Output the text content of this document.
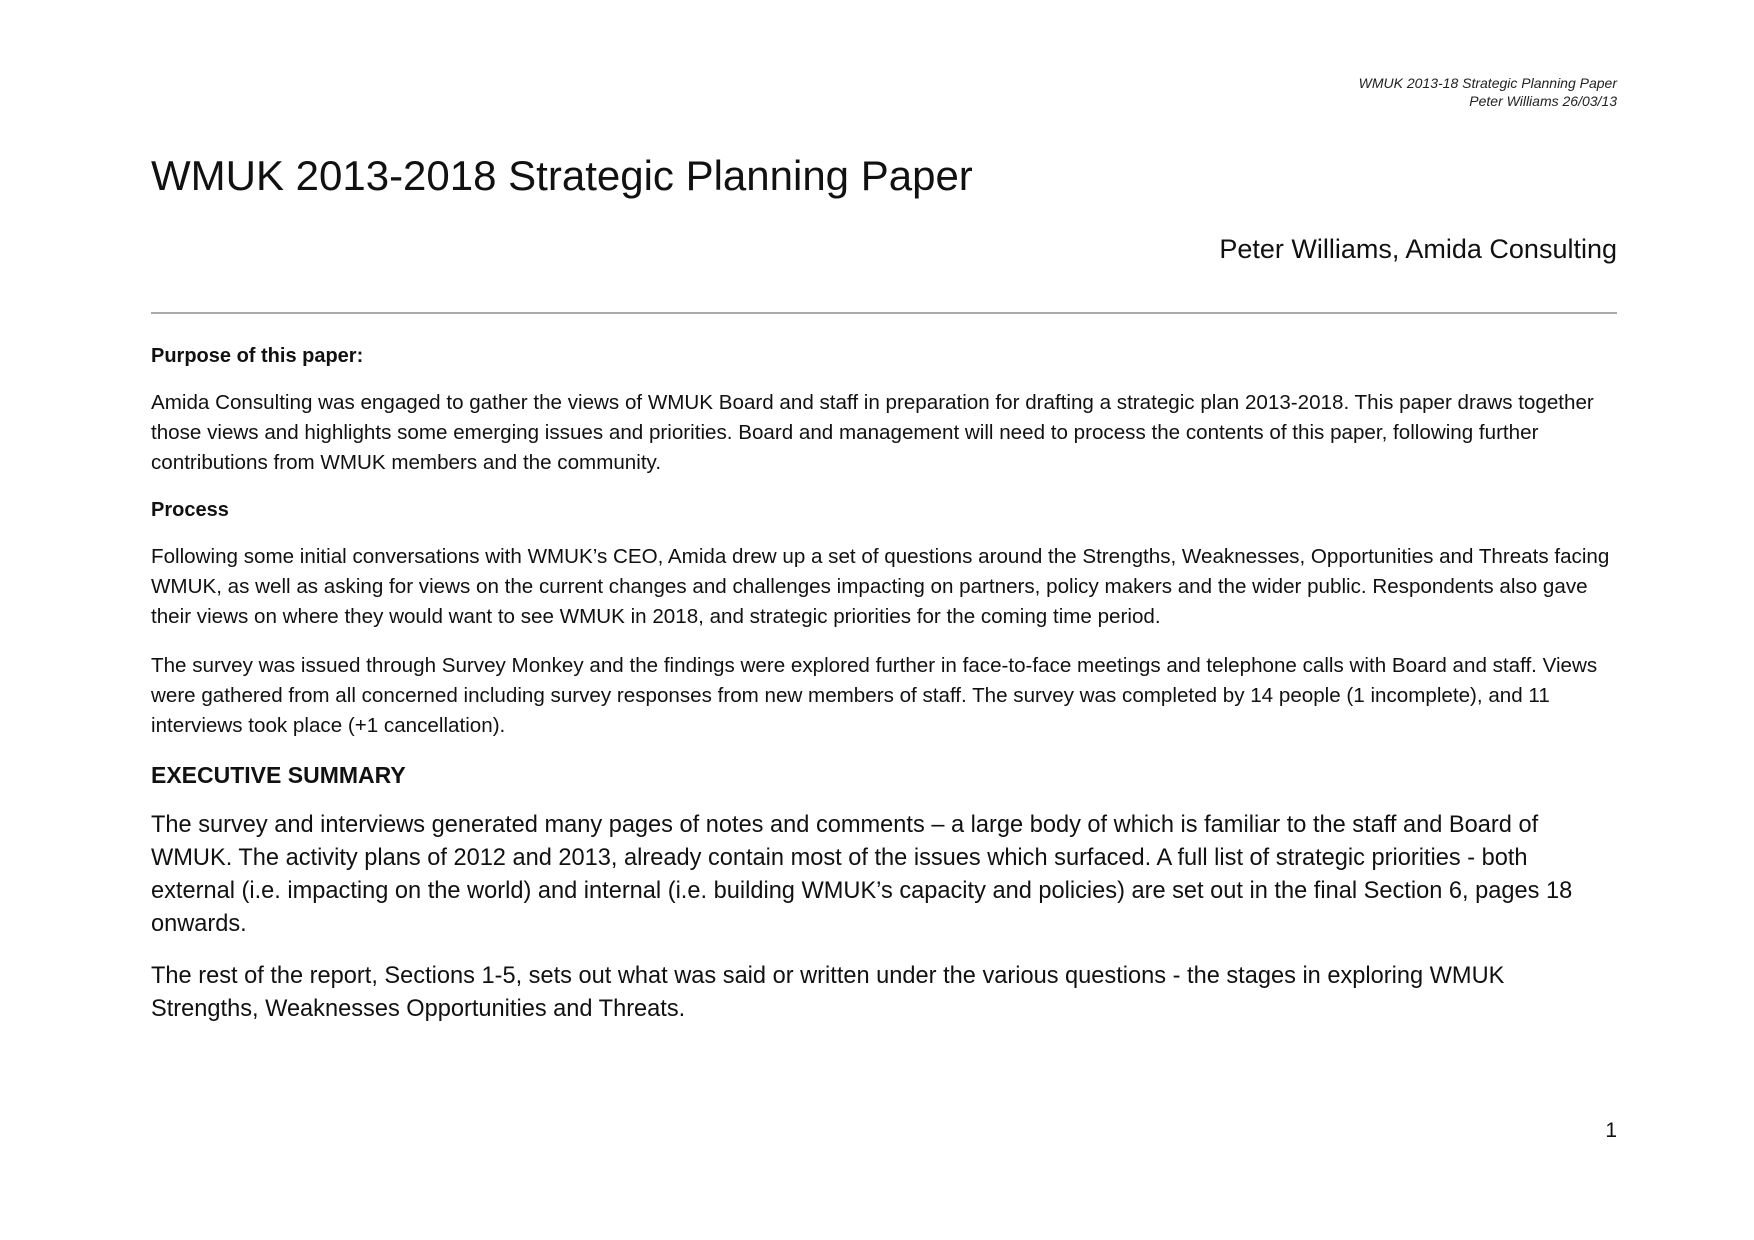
WMUK 2013-18 Strategic Planning Paper
Peter Williams 26/03/13
WMUK 2013-2018 Strategic Planning Paper
Peter Williams, Amida Consulting
Purpose of this paper:

Amida Consulting was engaged to gather the views of WMUK Board and staff in preparation for drafting a strategic plan 2013-2018. This paper draws together those views and highlights some emerging issues and priorities. Board and management will need to process the contents of this paper, following further contributions from WMUK members and the community.

Process

Following some initial conversations with WMUK’s CEO, Amida drew up a set of questions around the Strengths, Weaknesses, Opportunities and Threats facing WMUK, as well as asking for views on the current changes and challenges impacting on partners, policy makers and the wider public. Respondents also gave their views on where they would want to see WMUK in 2018, and strategic priorities for the coming time period.

The survey was issued through Survey Monkey and the findings were explored further in face-to-face meetings and telephone calls with Board and staff. Views were gathered from all concerned including survey responses from new members of staff. The survey was completed by 14 people (1 incomplete), and 11 interviews took place (+1 cancellation).

EXECUTIVE SUMMARY

The survey and interviews generated many pages of notes and comments – a large body of which is familiar to the staff and Board of WMUK. The activity plans of 2012 and 2013, already contain most of the issues which surfaced. A full list of strategic priorities - both external (i.e. impacting on the world) and internal (i.e. building WMUK’s capacity and policies) are set out in the final Section 6, pages 18 onwards.

The rest of the report, Sections 1-5, sets out what was said or written under the various questions - the stages in exploring WMUK Strengths, Weaknesses Opportunities and Threats.

1
